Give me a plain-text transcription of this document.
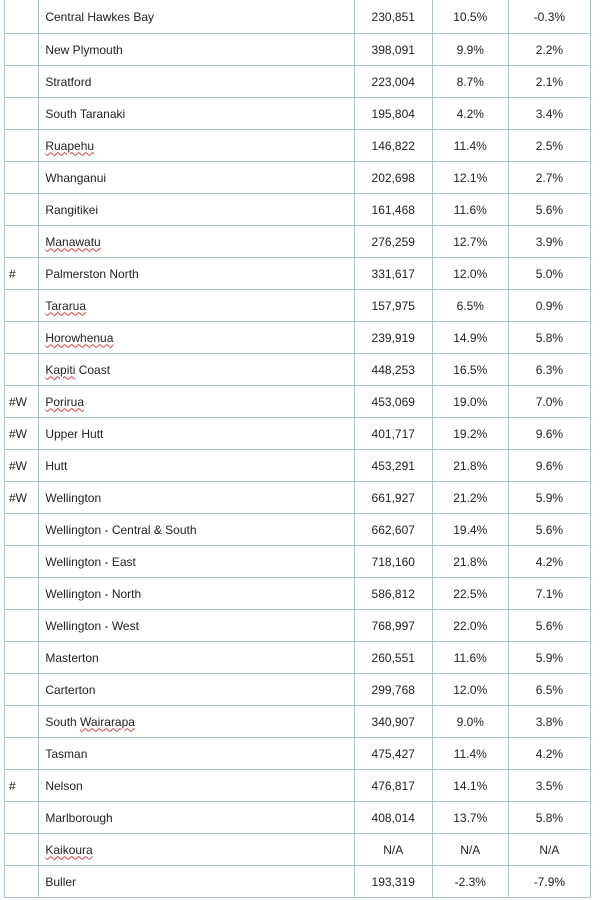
	Central Hawkes Bay	230,851	10.5%	-0.3%
	New Plymouth	398,091	9.9%	2.2%
	Stratford	223,004	8.7%	2.1%
	South Taranaki	195,804	4.2%	3.4%
	Ruapehu	146,822	11.4%	2.5%
	Whanganui	202,698	12.1%	2.7%
	Rangitikei	161,468	11.6%	5.6%
	Manawatu	276,259	12.7%	3.9%
#	Palmerston North	331,617	12.0%	5.0%
	Tararua	157,975	6.5%	0.9%
	Horowhenua	239,919	14.9%	5.8%
	Kapiti Coast	448,253	16.5%	6.3%
#W	Porirua	453,069	19.0%	7.0%
#W	Upper Hutt	401,717	19.2%	9.6%
#W	Hutt	453,291	21.8%	9.6%
#W	Wellington	661,927	21.2%	5.9%
	Wellington - Central & South	662,607	19.4%	5.6%
	Wellington - East	718,160	21.8%	4.2%
	Wellington - North	586,812	22.5%	7.1%
	Wellington - West	768,997	22.0%	5.6%
	Masterton	260,551	11.6%	5.9%
	Carterton	299,768	12.0%	6.5%
	South Wairarapa	340,907	9.0%	3.8%
	Tasman	475,427	11.4%	4.2%
#	Nelson	476,817	14.1%	3.5%
	Marlborough	408,014	13.7%	5.8%
	Kaikoura	N/A	N/A	N/A
	Buller	193,319	-2.3%	-7.9%
